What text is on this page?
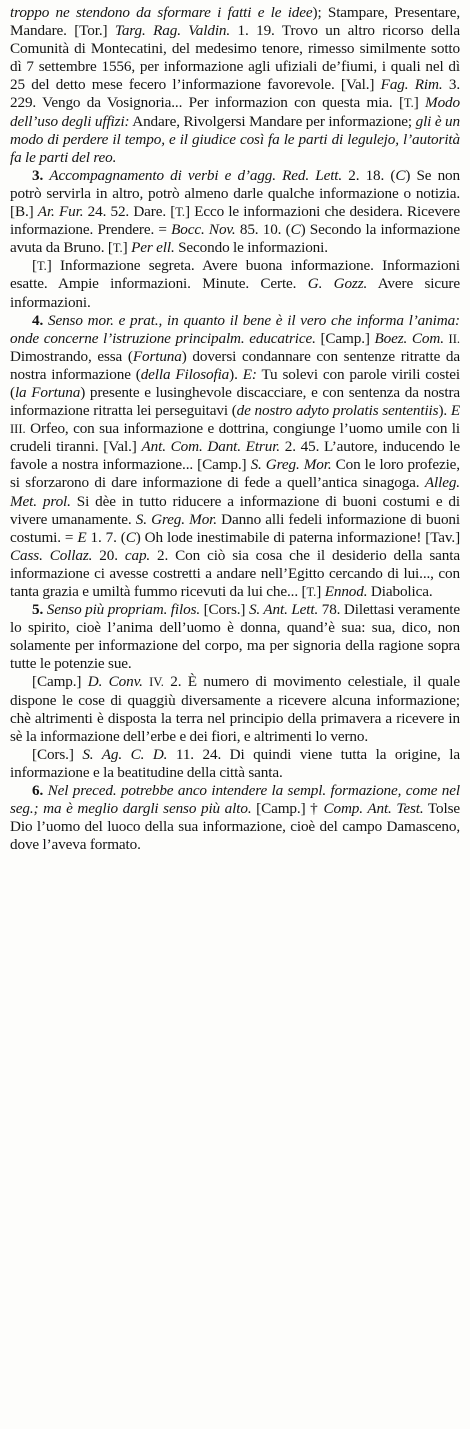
troppo ne stendono da sformare i fatti e le idee); Stampare, Presentare, Mandare. [Tor.] Targ. Rag. Valdin. 1. 19. Trovo un altro ricorso della Comunità di Montecatini, del medesimo tenore, rimesso similmente sotto dì 7 settembre 1556, per informazione agli ufiziali de’fiumi, i quali nel dì 25 del detto mese fecero l’informazione favorevole. [Val.] Fag. Rim. 3. 229. Vengo da Vosignoria... Per informazion con questa mia. [T.] Modo dell’uso degli uffizi: Andare, Rivolgersi Mandare per informazione; gli è un modo di perdere il tempo, e il giudice così fa le parti di legulejo, l’autorità fa le parti del reo.

3. Accompagnamento di verbi e d’agg. Red. Lett. 2. 18. (C) Se non potrò servirla in altro, potrò almeno darle qualche informazione o notizia. [B.] Ar. Fur. 24. 52. Dare. [T.] Ecco le informazioni che desidera. Ricevere informazione. Prendere. = Bocc. Nov. 85. 10. (C) Secondo la informazione avuta da Bruno. [T.] Per ell. Secondo le informazioni.

[T.] Informazione segreta. Avere buona informazione. Informazioni esatte. Ampie informazioni. Minute. Certe. G. Gozz. Avere sicure informazioni.

4. Senso mor. e prat., in quanto il bene è il vero che informa l’anima: onde concerne l’istruzione principalm. educatrice. [Camp.] Boez. Com. II. Dimostrando, essa (Fortuna) doversi condannare con sentenze ritratte da nostra informazione (della Filosofia). E: Tu solevi con parole virili costei (la Fortuna) presente e lusinghevole discacciare, e con sentenza da nostra informazione ritratta lei perseguitavi (de nostro adyto prolatis sententiis). E III. Orfeo, con sua informazione e dottrina, congiunge l’uomo umile con li crudeli tiranni. [Val.] Ant. Com. Dant. Etrur. 2. 45. L’autore, inducendo le favole a nostra informazione... [Camp.] S. Greg. Mor. Con le loro profezie, si sforzarono di dare informazione di fede a quell’antica sinagoga. Alleg. Met. prol. Si dèe in tutto riducere a informazione di buoni costumi e di vivere umanamente. S. Greg. Mor. Danno alli fedeli informazione di buoni costumi. = E 1. 7. (C) Oh lode inestimabile di paterna informazione! [Tav.] Cass. Collaz. 20. cap. 2. Con ciò sia cosa che il desiderio della santa informazione ci avesse costretti a andare nell’Egitto cercando di lui..., con tanta grazia e umiltà fummo ricevuti da lui che... [T.] Ennod. Diabolica.

5. Senso più propriam. filos. [Cors.] S. Ant. Lett. 78. Dilettasi veramente lo spirito, cioè l’anima dell’uomo è donna, quand’è sua: sua, dico, non solamente per informazione del corpo, ma per signoria della ragione sopra tutte le potenzie sue.

[Camp.] D. Conv. IV. 2. È numero di movimento celestiale, il quale dispone le cose di quaggiù diversamente a ricevere alcuna informazione; chè altrimenti è disposta la terra nel principio della primavera a ricevere in sè la informazione dell’erbe e dei fiori, e altrimenti lo verno.

[Cors.] S. Ag. C. D. 11. 24. Di quindi viene tutta la origine, la informazione e la beatitudine della città santa.

6. Nel preced. potrebbe anco intendere la sempl. formazione, come nel seg.; ma è meglio dargli senso più alto. [Camp.] † Comp. Ant. Test. Tolse Dio l’uomo del luoco della sua informazione, cioè del campo Damasceno, dove l’aveva formato.
